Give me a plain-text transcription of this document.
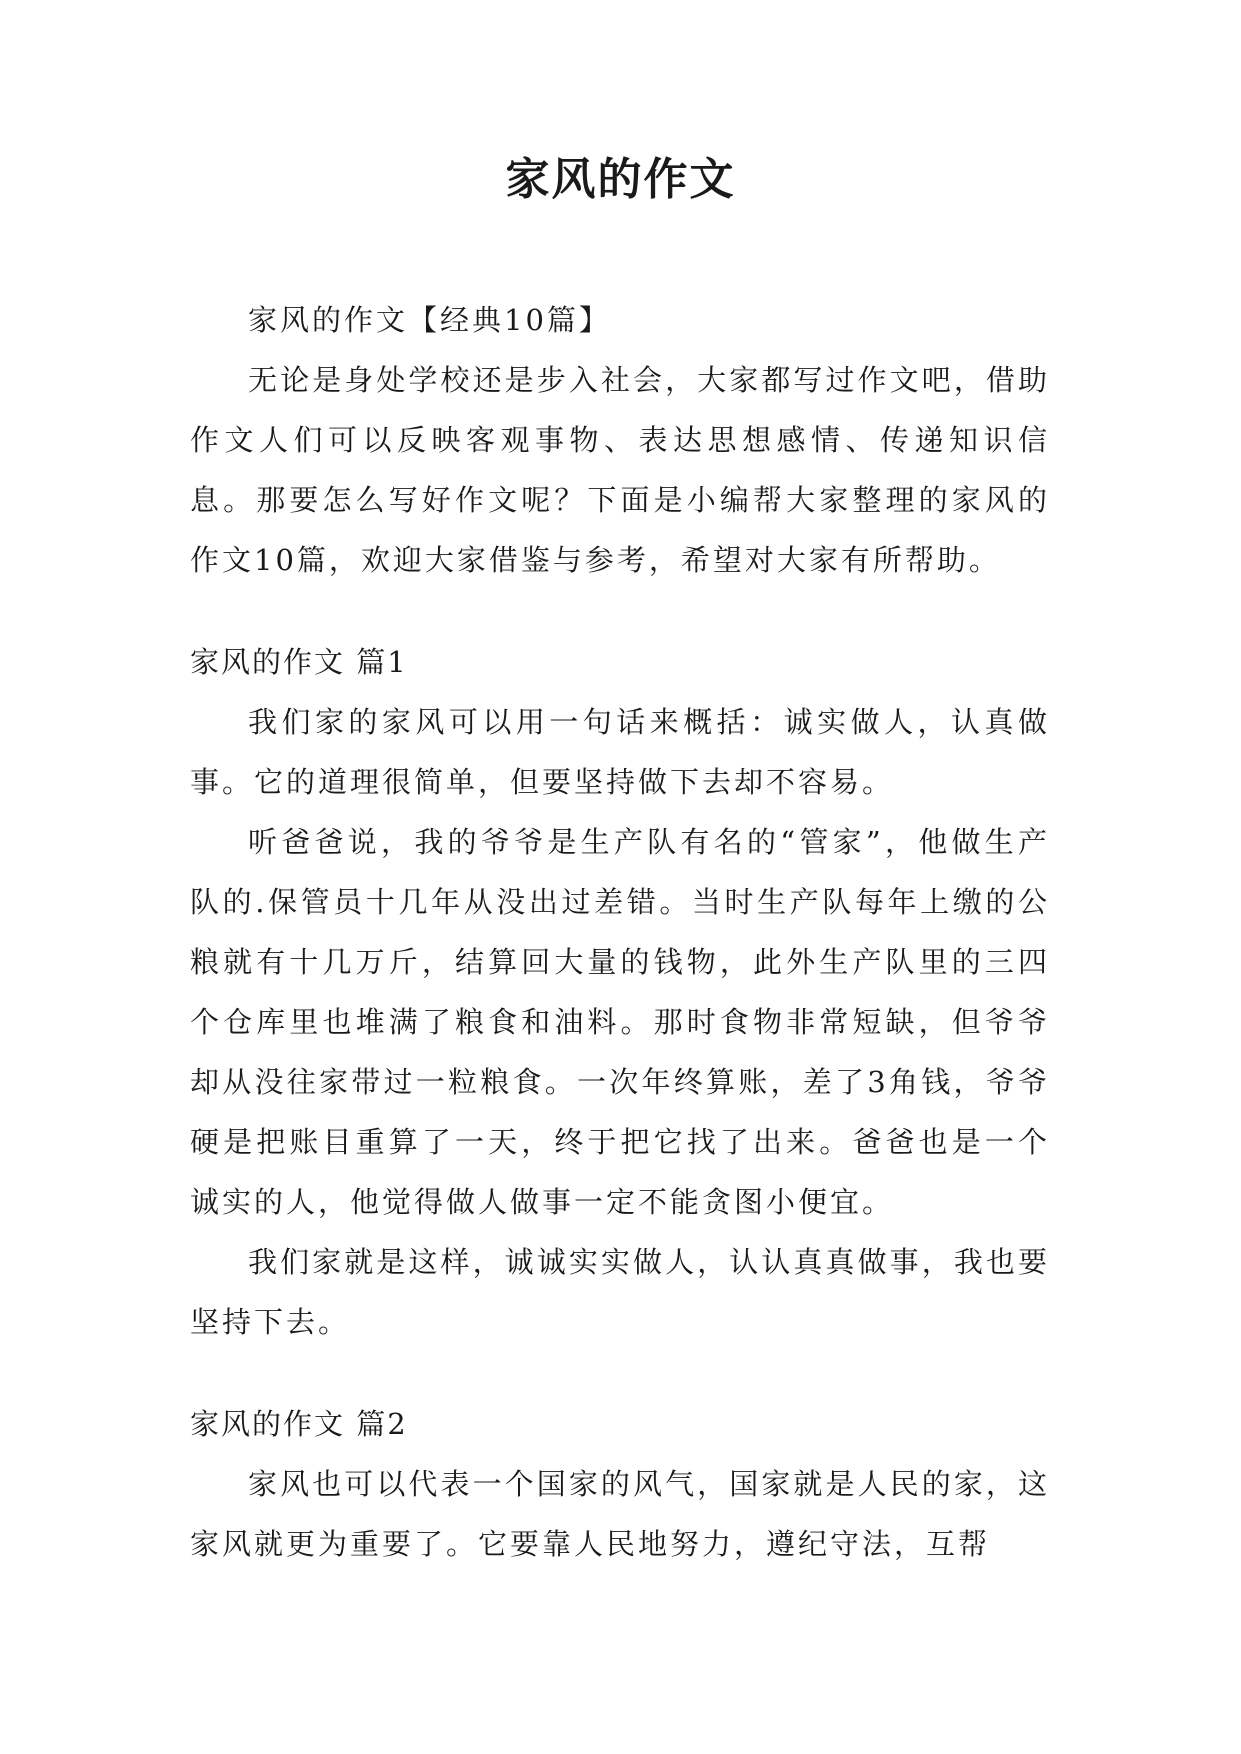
家风的作文

家风的作文【经典10篇】

无论是身处学校还是步入社会，大家都写过作文吧，借助作文人们可以反映客观事物、表达思想感情、传递知识信息。那要怎么写好作文呢？下面是小编帮大家整理的家风的作文10篇，欢迎大家借鉴与参考，希望对大家有所帮助。

家风的作文 篇1

我们家的家风可以用一句话来概括：诚实做人，认真做事。它的道理很简单，但要坚持做下去却不容易。

听爸爸说，我的爷爷是生产队有名的“管家”，他做生产队的.保管员十几年从没出过差错。当时生产队每年上缴的公粮就有十几万斤，结算回大量的钱物，此外生产队里的三四个仓库里也堆满了粮食和油料。那时食物非常短缺，但爷爷却从没往家带过一粒粮食。一次年终算账，差了3角钱，爷爷硬是把账目重算了一天，终于把它找了出来。爸爸也是一个诚实的人，他觉得做人做事一定不能贪图小便宜。

我们家就是这样，诚诚实实做人，认认真真做事，我也要坚持下去。

家风的作文 篇2

家风也可以代表一个国家的风气，国家就是人民的家，这家风就更为重要了。它要靠人民地努力，遵纪守法，互帮
